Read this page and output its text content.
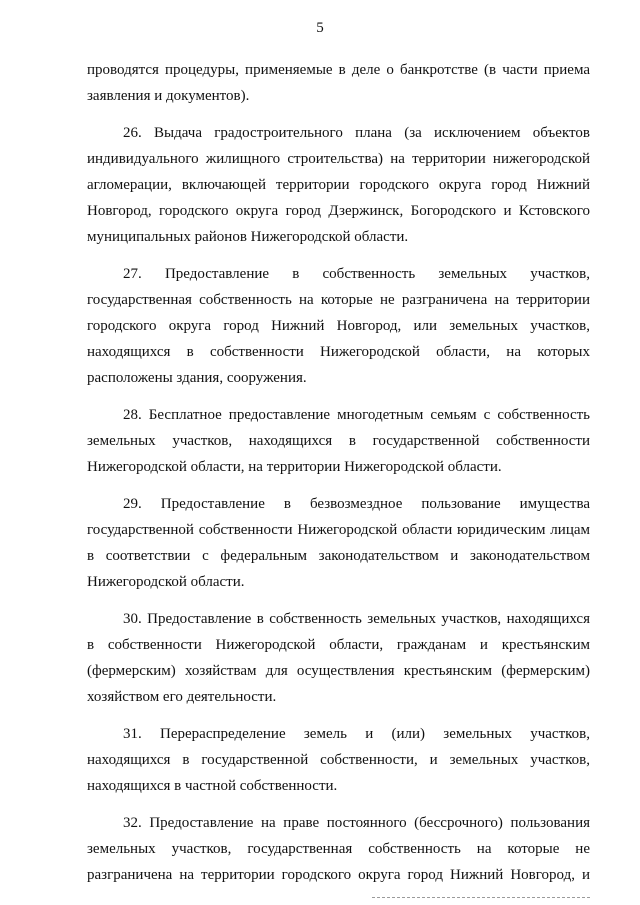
5

проводятся процедуры, применяемые в деле о банкротстве (в части приема заявления и документов).

26. Выдача градостроительного плана (за исключением объектов индивидуального жилищного строительства) на территории нижегородской агломерации, включающей территории городского округа город Нижний Новгород, городского округа город Дзержинск, Богородского и Кстовского муниципальных районов Нижегородской области.

27. Предоставление в собственность земельных участков, государственная собственность на которые не разграничена на территории городского округа город Нижний Новгород, или земельных участков, находящихся в собственности Нижегородской области, на которых расположены здания, сооружения.

28. Бесплатное предоставление многодетным семьям с собственность земельных участков, находящихся в государственной собственности Нижегородской области, на территории Нижегородской области.

29. Предоставление в безвозмездное пользование имущества государственной собственности Нижегородской области юридическим лицам в соответствии с федеральным законодательством и законодательством Нижегородской области.

30. Предоставление в собственность земельных участков, находящихся в собственности Нижегородской области, гражданам и крестьянским (фермерским) хозяйствам для осуществления крестьянским (фермерским) хозяйством его деятельности.

31. Перераспределение земель и (или) земельных участков, находящихся в государственной собственности, и земельных участков, находящихся в частной собственности.

32. Предоставление на праве постоянного (бессрочного) пользования земельных участков, государственная собственность на которые не разграничена на территории городского округа город Нижний Новгород, и
